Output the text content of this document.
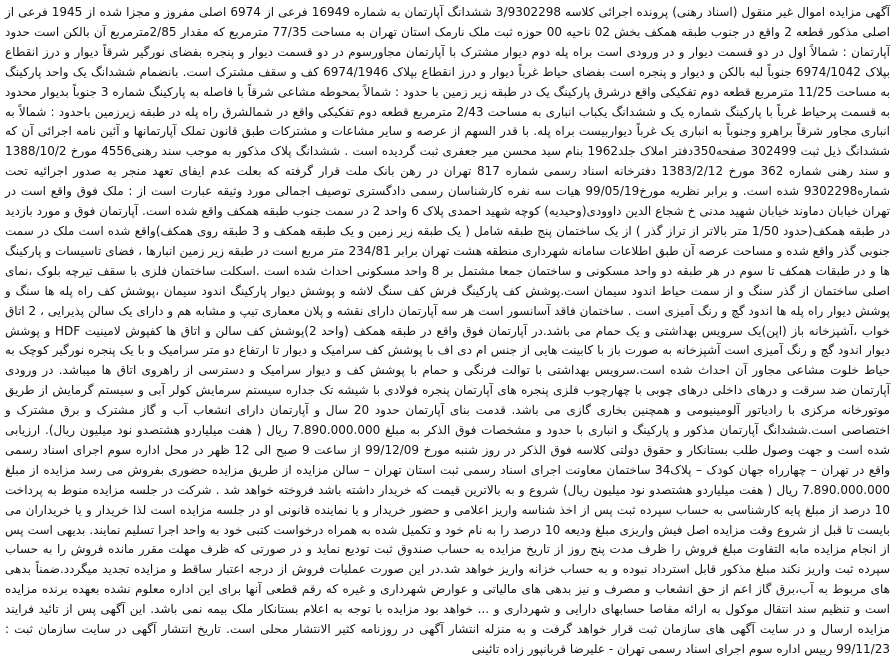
آگهی مزایده اموال غیر منقول (اسناد رهنی) پرونده اجرائی کلاسه 3/9302298 ششدانگ آپارتمان به شماره 16949 فرعی از 6974 اصلی مفروز و مجزا شده از 1945 فرعی از اصلی مذکور قطعه 2 واقع در جنوب طبقه همکف بخش 02 ناحیه 00 حوزه ثبت ملک نارمک استان تهران به مساحت 77/35 مترمربع که مقدار 2/85مترمربع آن بالکن است حدود آپارتمان : شمالاً اول در دو قسمت دیوار و در ورودی است براه پله دوم دیوار مشترک با آپارتمان مجاورسوم در دو قسمت دیوار و پنجره بفضای نورگیر شرقاً دیوار و درز انقطاع بپلاک 6974/1042 جنوباً لبه بالکن و دیوار و پنجره است بفضای حیاط غرباً دیوار و درز انقطاع بپلاک 6974/1946 کف و سقف مشترک است. بانضمام ششدانگ یک واحد پارکینگ به مساحت 11/25 مترمربع قطعه دوم تفکیکی واقع درشرق پارکینگ یک در طبقه زیر زمین با حدود : شمالاً بمحوطه مشاعی شرقاً با فاصله به پارکینگ شماره 3 جنوباً بدیوار محدود به قسمت پرحیاط غرباً با پارکینگ شماره یک و ششدانگ یکباب انباری به مساحت 2/43 مترمربع قطعه دوم تفکیکی واقع در شمالشرق راه پله در طبقه زیرزمین باحدود : شمالاً به انباری مجاور شرقاً براهرو وجنوباً به انباری یک غرباً دیواربیست براه پله. با قدر السهم از عرصه و سایر مشاعات و مشترکات طبق قانون تملک آپارتمانها و آئین نامه اجرائی آن که ششدانگ ذیل ثبت 302499 صفحه350دفتر املاک جلد1962 بنام سید محسن میر جعفری ثبت گردیده است . ششدانگ پلاک مذکور به موجب سند رهنی4556 مورخ 1388/10/2 و سند رهنی شماره 362 مورخ 1383/2/12 دفترخانه اسناد رسمی شماره 817 تهران در رهن بانک ملت قرار گرفته که بعلت عدم ایفای تعهد منجر به صدور اجرائیه تحت شماره9302298 شده است. و برابر نظریه مورخ99/05/19 هیات سه نفره کارشناسان رسمی دادگستری توصیف اجمالی مورد وثیقه عبارت است از : ملک فوق واقع است در تهران خیابان دماوند خیابان شهید مدنی خ شجاع الدین داوودی(وحیدیه) کوچه شهید احمدی پلاک 6 واحد 2 در سمت جنوب طبقه همکف واقع شده است. آپارتمان فوق و مورد بازدید در طبقه همکف(حدود 1/50 متر بالاتر از تراز گذر ) از یک ساختمان پنج طبقه شامل ( یک طبقه زیر زمین و یک طبقه همکف و 3 طبقه روی همکف)واقع شده است ملک در سمت جنوبی گذر واقع شده و مساحت عرصه آن طبق اطلاعات سامانه شهرداری منطقه هشت تهران برابر 234/81 متر مربع است در طبقه زیر زمین انبارها ، فضای تاسیسات و پارکینگ ها و در طبقات همکف تا سوم در هر طبقه دو واحد مسکونی و ساختمان جمعا مشتمل بر 8 واحد مسکونی احداث شده است .اسکلت ساختمان فلزی با سقف تیرچه بلوک ،نمای اصلی ساختمان از گذر سنگ و از سمت حیاط اندود سیمان است.پوشش کف پارکینگ فرش کف سنگ لاشه و پوشش دیوار پارکینگ اندود سیمان ،پوشش کف راه پله ها سنگ و پوشش دیوار راه پله ها اندود گچ و رنگ آمیزی است . ساختمان فاقد آسانسور است هر سه آپارتمان دارای نقشه و پلان معماری تیپ و مشابه هم و دارای یک سالن پذیرایی ، 2 اتاق خواب ،آشپزخانه باز (اپن)یک سرویس بهداشتی و یک حمام می باشد.در آپارتمان فوق واقع در طبقه همکف (واحد 2)پوشش کف سالن و اتاق ها کفپوش لامینیت HDF و پوشش دیوار اندود گچ و رنگ آمیزی است آشپزخانه به صورت باز با کابینت هایی از جنس ام دی اف با پوشش کف سرامیک و دیوار تا ارتفاع دو متر سرامیک و با یک پنجره نورگیر کوچک به حیاط خلوت مشاعی مجاور آن احداث شده است.سرویس بهداشتی با توالت فرنگی و حمام با پوشش کف و دیوار سرامیک و دسترسی از راهروی اتاق ها میباشد. در ورودی آپارتمان ضد سرقت و درهای داخلی درهای چوبی با چهارچوب فلزی پنجره های آپارتمان پنجره فولادی با شیشه تک جداره سیستم سرمایش کولر آبی و سیستم گرمایش از طریق موتورخانه مرکزی با رادیاتور آلومینیومی و همچنین بخاری گازی می باشد. قدمت بنای آپارتمان حدود 20 سال و آپارتمان دارای انشعاب آب و گاز مشترک و برق مشترک و اختصاصی است.ششدانگ آپارتمان مذکور و پارکینگ و انباری با حدود و مشخصات فوق الذکر به مبلغ 7.890.000.000 ریال ( هفت میلیاردو هشتصدو نود میلیون ریال). ارزیابی شده است و جهت وصول طلب بستانکار و حقوق دولتی کلاسه فوق الذکر در روز شنبه مورخ 99/12/09 از ساعت 9 صبح الی 12 ظهر در محل اداره سوم اجرای اسناد رسمی واقع در تهران – چهارراه جهان کودک – پلاک34 ساختمان معاونت اجرای اسناد رسمی ثبت استان تهران – سالن مزایده از طریق مزایده حضوری بفروش می رسد مزایده از مبلغ 7.890.000.000 ریال ( هفت میلیاردو هشتصدو نود میلیون ریال) شروع و به بالاترین قیمت که خریدار داشته باشد فروخته خواهد شد . شرکت در جلسه مزایده منوط به پرداخت 10 درصد از مبلغ پایه کارشناسی به حساب سپرده ثبت پس از اخذ شناسه واریز اعلامی و حضور خریدار و یا نماینده قانونی او در جلسه مزایده است لذا خریدار و یا خریداران می بایست تا قبل از شروع وقت مزایده اصل فیش واریزی مبلغ ودیعه 10 درصد را به نام خود و تکمیل شده به همراه درخواست کتبی خود به واحد اجرا تسلیم نمایند. بدیهی است پس از انجام مزایده مابه التفاوت مبلغ فروش را ظرف مدت پنج روز از تاریخ مزایده به حساب صندوق ثبت تودیع نماید و در صورتی که ظرف مهلت مقرر مانده فروش را به حساب سپرده ثبت واریز نکند مبلغ مذکور قابل استرداد نبوده و به حساب خزانه واریز خواهد شد.در این صورت عملیات فروش از درجه اعتبار ساقط و مزایده تجدید میگردد.ضمناً بدهی های مربوط به آب،برق گاز اعم از حق انشعاب و مصرف و نیز بدهی های مالیاتی و عوارض شهرداری و غیره که رقم قطعی آنها برای این اداره معلوم نشده بعهده برنده مزایده است و تنظیم سند انتقال موکول به ارائه مفاصا حسابهای دارایی و شهرداری و ... خواهد بود مزایده با توجه به اعلام بستانکار ملک بیمه نمی باشد. این آگهی پس از تائید فرایند مزایده ارسال و در سایت آگهی های سازمان ثبت قرار خواهد گرفت و به منزله انتشار آگهی در روزنامه کثیر الانتشار محلی است. تاریخ انتشار آگهی در سایت سازمان ثبت : 99/11/23 رییس اداره سوم اجرای اسناد رسمی تهران - علیرضا قربانپور زاده تائینی
